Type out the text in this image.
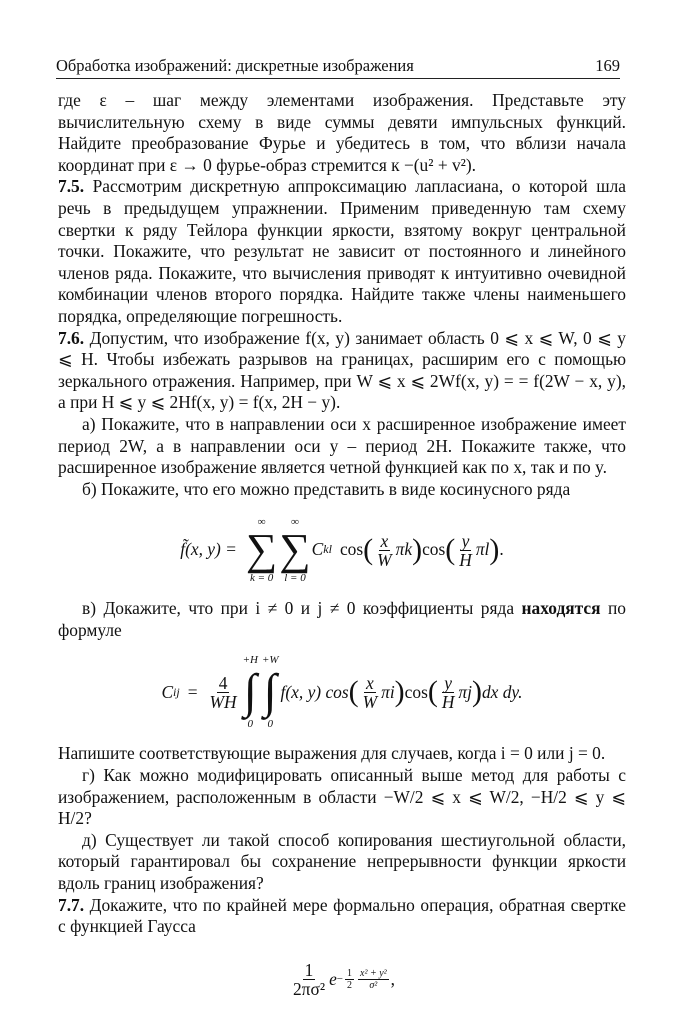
Обработка изображений: дискретные изображения	169

где ε – шаг между элементами изображения. Представьте эту вычислительную схему в виде суммы девяти импульсных функций. Найдите преобразование Фурье и убедитесь в том, что вблизи начала координат при ε → 0 фурье-образ стремится к −(u² + v²).

7.5. Рассмотрим дискретную аппроксимацию лапласиана, о которой шла речь в предыдущем упражнении. Применим приведенную там схему свертки к ряду Тейлора функции яркости, взятому вокруг центральной точки. Покажите, что результат не зависит от постоянного и линейного членов ряда. Покажите, что вычисления приводят к интуитивно очевидной комбинации членов второго порядка. Найдите также члены наименьшего порядка, определяющие погрешность.

7.6. Допустим, что изображение f(x, y) занимает область 0 ⩽ x ⩽ W, 0 ⩽ y ⩽ H. Чтобы избежать разрывов на границах, расширим его с помощью зеркального отражения. Например, при W ⩽ x ⩽ 2Wf(x, y) = = f(2W − x, y), а при H ⩽ y ⩽ 2Hf(x, y) = f(x, 2H − y).

а) Покажите, что в направлении оси x расширенное изображение имеет период 2W, а в направлении оси y – период 2H. Покажите также, что расширенное изображение является четной функцией как по x, так и по y.

б) Покажите, что его можно представить в виде косинусного ряда

f̃(x, y) =
∞
∑
k = 0
∞
∑
l = 0
C kl cos ( $\frac{x}{W}$ πk ) cos ( $\frac{y}{H}$ πl ) .

в) Докажите, что при i ≠ 0 и j ≠ 0 коэффициенты ряда находятся по формуле

C ij = $\frac{4}{WH}$
+H
∫
0
+W
∫
0
f(x, y) cos ( $\frac{x}{W}$ πi ) cos ( $\frac{y}{H}$ πj ) dx dy.

Напишите соответствующие выражения для случаев, когда i = 0 или j = 0.

г) Как можно модифицировать описанный выше метод для работы с изображением, расположенным в области −W/2 ⩽ x ⩽ W/2, −H/2 ⩽ y ⩽ H/2?

д) Существует ли такой способ копирования шестиугольной области, который гарантировал бы сохранение непрерывности функции яркости вдоль границ изображения?

7.7. Докажите, что по крайней мере формально операция, обратная свертке с функцией Гаусса

$\frac{1}{\text{2πσ²}}$ $e - \frac{1}{2} \frac{\text{x² + y²}}{\text{σ²}}$ ,
